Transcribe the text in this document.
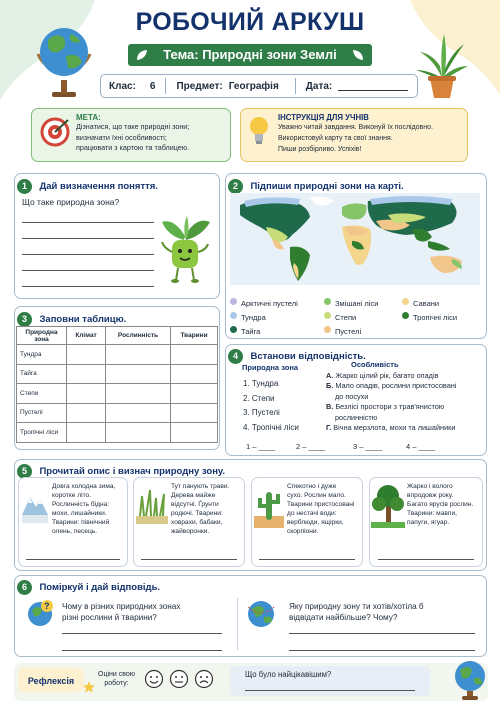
РОБОЧИЙ АРКУШ
Тема: Природні зони Землі
Клас: 6 Предмет: Географія	Дата:
МЕТА:
Дізнатися, що таке природні зони;
визначати їхні особливості;
працювати з картою та таблицею.
ІНСТРУКЦІЯ ДЛЯ УЧНІВ
Уважно читай завдання. Виконуй їх послідовно.
Використовуй карту та свої знання.
Пиши розбірливо. Успіхів!
1 Дай визначення поняття.
Що таке природна зона?
2 Підпиши природні зони на карті.
Арктичні пустелі	Змішані ліси	Савани
Тундра	Степи	Тропічні ліси
Тайга	Пустелі
3 Заповни таблицю.
Природна зона	Клімат	Рослинність	Тварини
Тундра			
Тайга			
Степи			
Пустелі			
Тропічні ліси			
4 Встанови відповідність.
Природна зона	Особливість
1. Тундра
2. Степи
3. Пустелі
4. Тропічні ліси
А. Жарко цілий рік, багато опадів
Б. Мало опадів, рослини пристосовані
до посухи
В. Безлісі простори з трав'янистою
рослинністю
Г. Вічна мерзлота, мохи та лишайники
1 – ____	2 – ____	3 – ____	4 – ____
5 Прочитай опис і визнач природну зону.
Довга холодна зима,
коротке літо.
Рослинність бідна:
мохи, лишайники.
Тварини: північний
олень, песець.
Тут панують трави.
Дерева майже
відсутні. Ґрунти
родючі. Тварини:
ховрахи, бабаки,
жайворонки.
Спекотно і дуже
сухо. Рослин мало.
Тварини пристосовані
до нестачі води:
верблюди, ящірки,
скорпіони.
Жарко і волого
впродовж року.
Багато ярусів рослин.
Тварини: мавпи,
папуги, ягуар.
6 Поміркуй і дай відповідь.
? Чому в різних природних зонах
різні рослини й тварини?
Яку природну зону ти хотів/хотіла б
відвідати найбільше? Чому?
Рефлексія
Оціни свою
роботу:
Що було найцікавішим?
